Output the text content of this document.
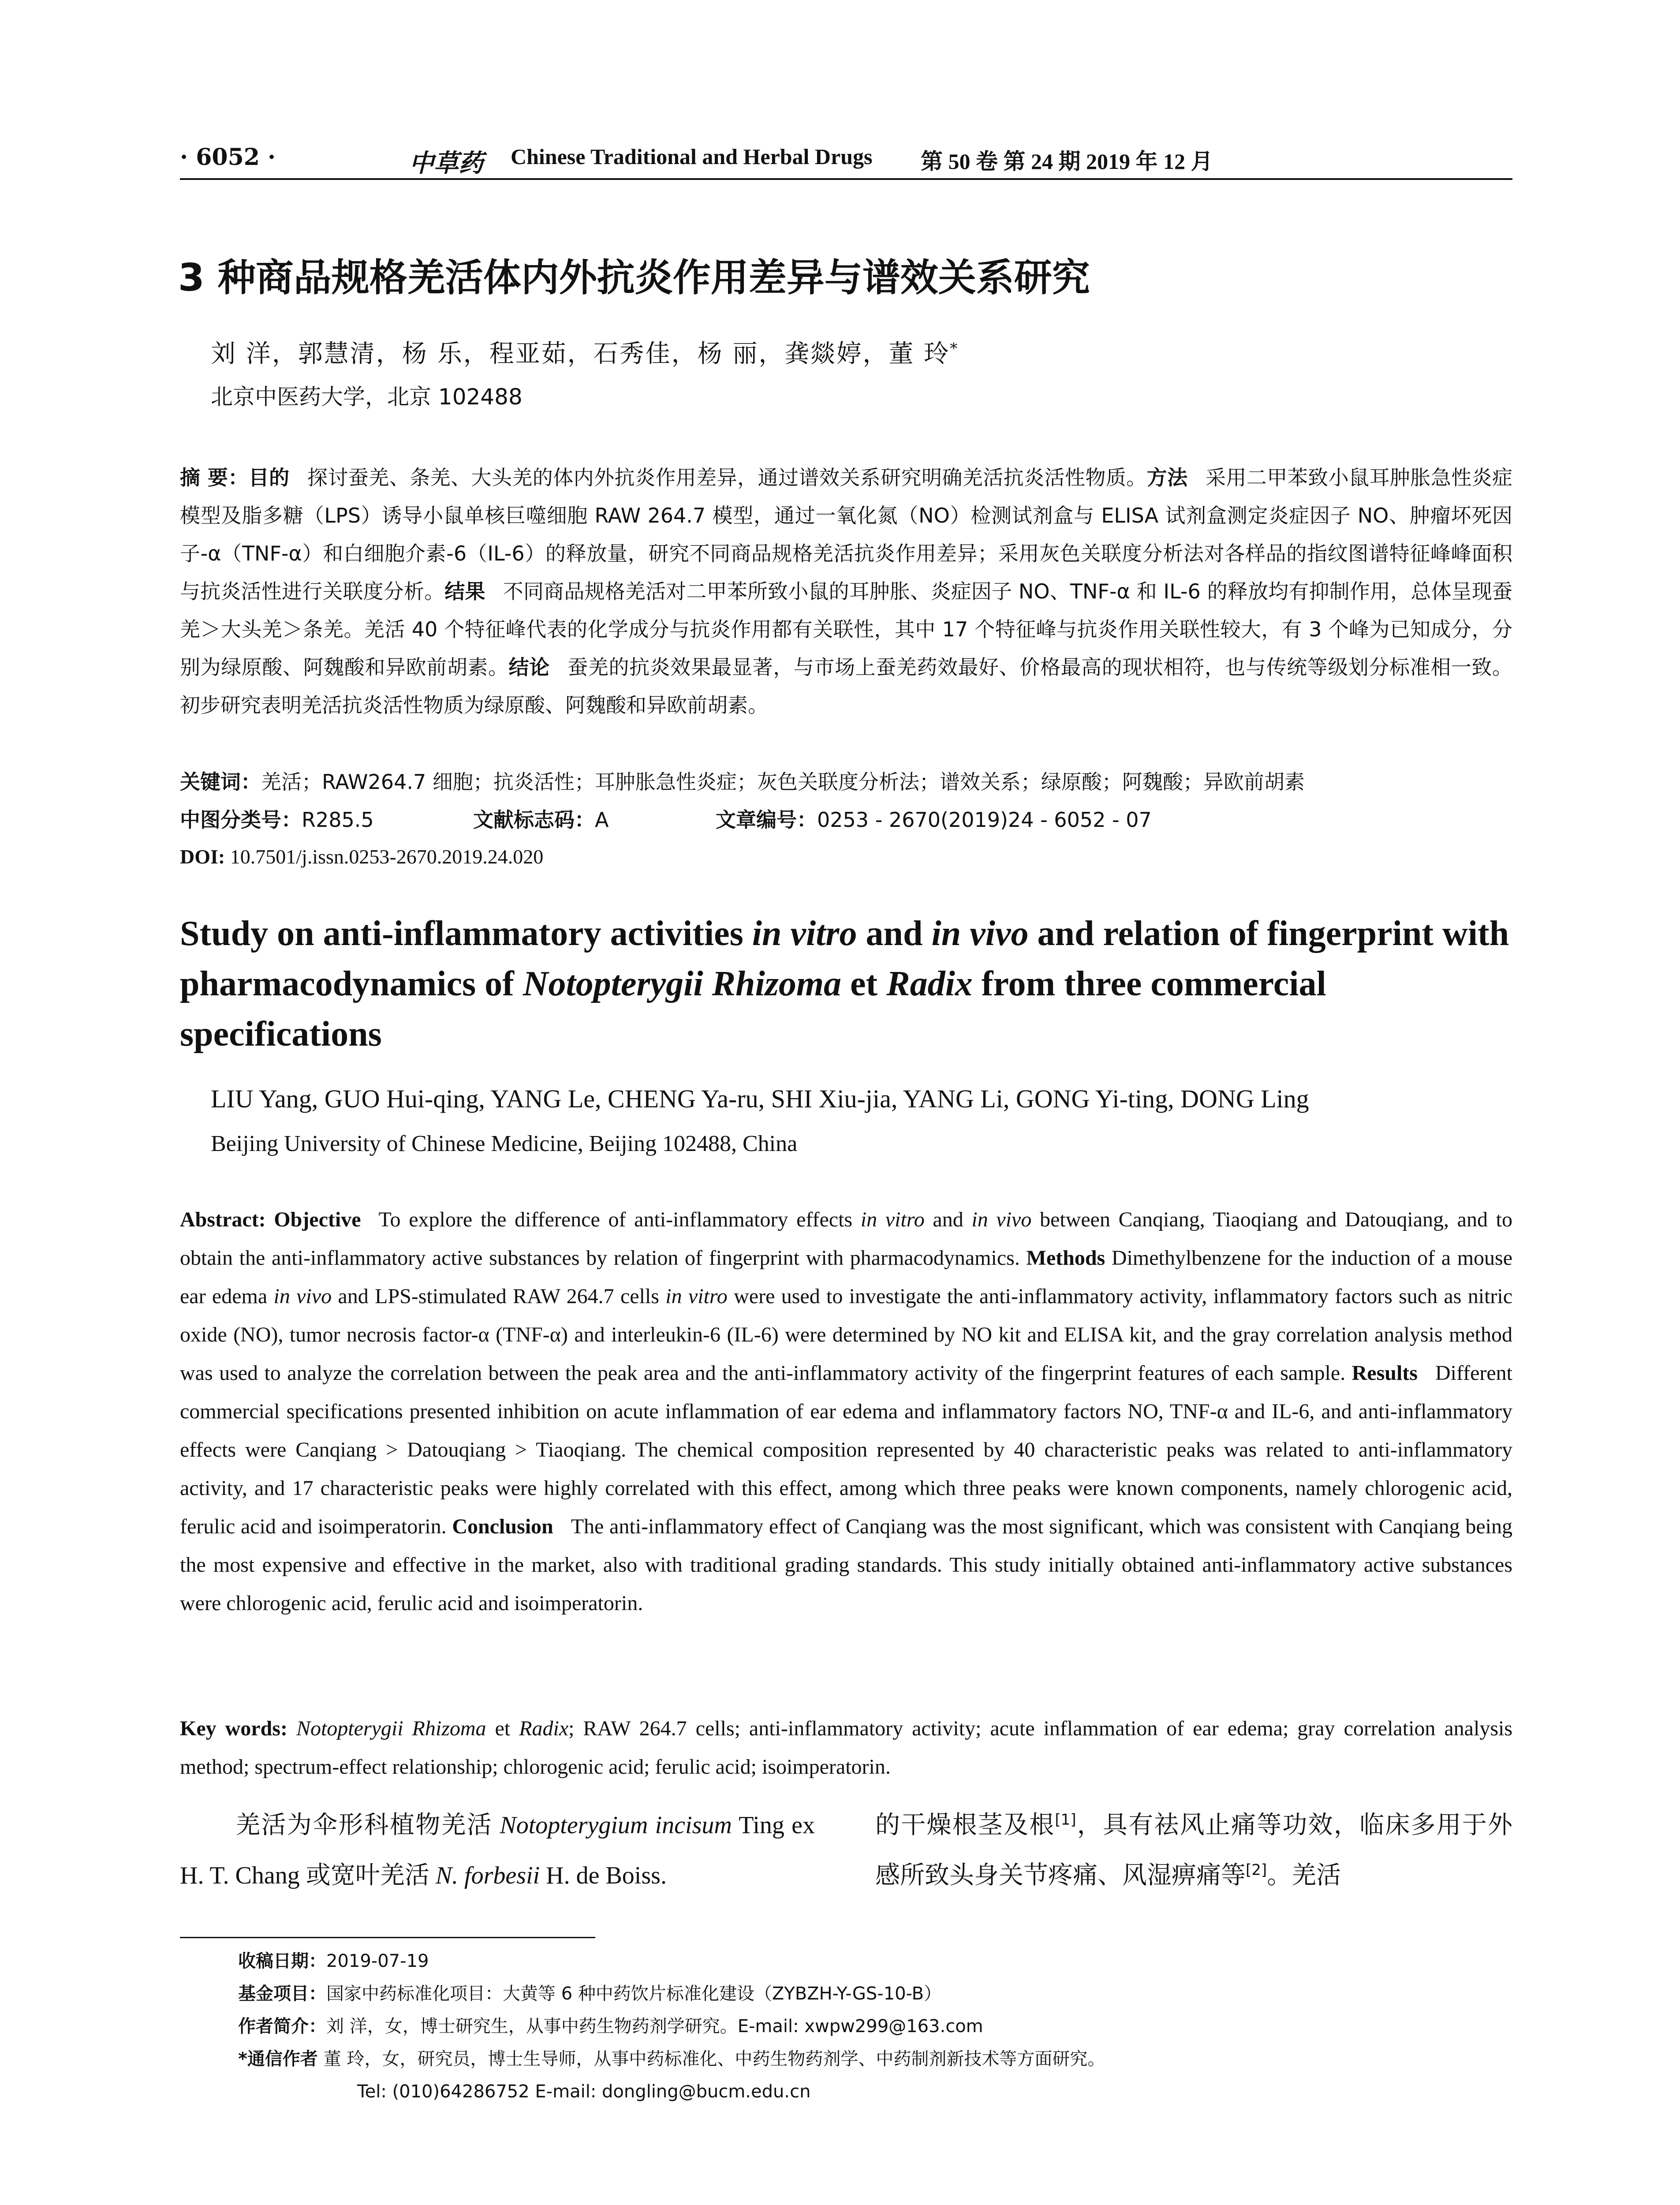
· 6052 ·	中草药 Chinese Traditional and Herbal Drugs 第 50 卷 第 24 期 2019 年 12 月
3 种商品规格羌活体内外抗炎作用差异与谱效关系研究
刘 洋，郭慧清，杨 乐，程亚茹，石秀佳，杨 丽，龚燚婷，董 玲*
北京中医药大学，北京 102488
摘 要：目的 探讨蚕羌、条羌、大头羌的体内外抗炎作用差异，通过谱效关系研究明确羌活抗炎活性物质。方法 采用二甲苯致小鼠耳肿胀急性炎症模型及脂多糖（LPS）诱导小鼠单核巨噬细胞 RAW 264.7 模型，通过一氧化氮（NO）检测试剂盒与 ELISA 试剂盒测定炎症因子 NO、肿瘤坏死因子-α（TNF-α）和白细胞介素-6（IL-6）的释放量，研究不同商品规格羌活抗炎作用差异；采用灰色关联度分析法对各样品的指纹图谱特征峰峰面积与抗炎活性进行关联度分析。结果 不同商品规格羌活对二甲苯所致小鼠的耳肿胀、炎症因子 NO、TNF-α 和 IL-6 的释放均有抑制作用，总体呈现蚕羌＞大头羌＞条羌。羌活 40 个特征峰代表的化学成分与抗炎作用都有关联性，其中 17 个特征峰与抗炎作用关联性较大，有 3 个峰为已知成分，分别为绿原酸、阿魏酸和异欧前胡素。结论 蚕羌的抗炎效果最显著，与市场上蚕羌药效最好、价格最高的现状相符，也与传统等级划分标准相一致。初步研究表明羌活抗炎活性物质为绿原酸、阿魏酸和异欧前胡素。
关键词：羌活；RAW264.7 细胞；抗炎活性；耳肿胀急性炎症；灰色关联度分析法；谱效关系；绿原酸；阿魏酸；异欧前胡素
中图分类号：R285.5	文献标志码：A	文章编号：0253 - 2670(2019)24 - 6052 - 07
DOI: 10.7501/j.issn.0253-2670.2019.24.020
Study on anti-inflammatory activities in vitro and in vivo and relation of fingerprint with pharmacodynamics of Notopterygii Rhizoma et Radix from three commercial specifications
LIU Yang, GUO Hui-qing, YANG Le, CHENG Ya-ru, SHI Xiu-jia, YANG Li, GONG Yi-ting, DONG Ling
Beijing University of Chinese Medicine, Beijing 102488, China
Abstract: Objective To explore the difference of anti-inflammatory effects in vitro and in vivo between Canqiang, Tiaoqiang and Datouqiang, and to obtain the anti-inflammatory active substances by relation of fingerprint with pharmacodynamics. Methods Dimethylbenzene for the induction of a mouse ear edema in vivo and LPS-stimulated RAW 264.7 cells in vitro were used to investigate the anti-inflammatory activity, inflammatory factors such as nitric oxide (NO), tumor necrosis factor-α (TNF-α) and interleukin-6 (IL-6) were determined by NO kit and ELISA kit, and the gray correlation analysis method was used to analyze the correlation between the peak area and the anti-inflammatory activity of the fingerprint features of each sample. Results Different commercial specifications presented inhibition on acute inflammation of ear edema and inflammatory factors NO, TNF-α and IL-6, and anti-inflammatory effects were Canqiang > Datouqiang > Tiaoqiang. The chemical composition represented by 40 characteristic peaks was related to anti-inflammatory activity, and 17 characteristic peaks were highly correlated with this effect, among which three peaks were known components, namely chlorogenic acid, ferulic acid and isoimperatorin. Conclusion The anti-inflammatory effect of Canqiang was the most significant, which was consistent with Canqiang being the most expensive and effective in the market, also with traditional grading standards. This study initially obtained anti-inflammatory active substances were chlorogenic acid, ferulic acid and isoimperatorin.
Key words: Notopterygii Rhizoma et Radix; RAW 264.7 cells; anti-inflammatory activity; acute inflammation of ear edema; gray correlation analysis method; spectrum-effect relationship; chlorogenic acid; ferulic acid; isoimperatorin.
羌活为伞形科植物羌活 Notopterygium incisum Ting ex H. T. Chang 或宽叶羌活 N. forbesii H. de Boiss.
的干燥根茎及根[1]，具有祛风止痛等功效，临床多用于外感所致头身关节疼痛、风湿痹痛等[2]。羌活
收稿日期：2019-07-19
基金项目：国家中药标准化项目：大黄等 6 种中药饮片标准化建设（ZYBZH-Y-GS-10-B）
作者简介：刘 洋，女，博士研究生，从事中药生物药剂学研究。E-mail: xwpw299@163.com
*通信作者 董 玲，女，研究员，博士生导师，从事中药标准化、中药生物药剂学、中药制剂新技术等方面研究。
Tel: (010)64286752 E-mail: dongling@bucm.edu.cn
